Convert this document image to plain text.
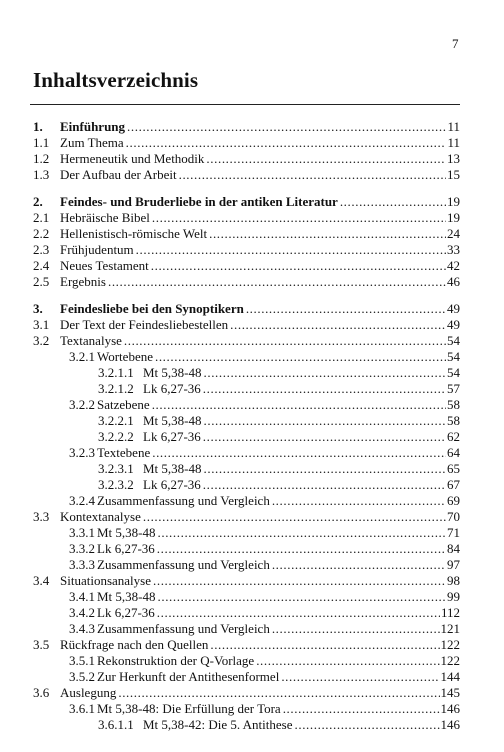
7
Inhaltsverzeichnis
1.	Einführung .....	11
1.1 Zum Thema .....	11
1.2 Hermeneutik und Methodik .....	13
1.3 Der Aufbau der Arbeit .....	15
2.	Feindes- und Bruderliebe in der antiken Literatur .....	19
2.1 Hebräische Bibel .....	19
2.2 Hellenistisch-römische Welt .....	24
2.3 Frühjudentum .....	33
2.4 Neues Testament .....	42
2.5 Ergebnis .....	46
3.	Feindesliebe bei den Synoptikern .....	49
3.1 Der Text der Feindesliebestellen .....	49
3.2 Textanalyse .....	54
3.2.1 Wortebene .....	54
3.2.1.1 Mt 5,38-48 .....	54
3.2.1.2 Lk 6,27-36 .....	57
3.2.2 Satzebene .....	58
3.2.2.1 Mt 5,38-48 .....	58
3.2.2.2 Lk 6,27-36 .....	62
3.2.3 Textebene .....	64
3.2.3.1 Mt 5,38-48 .....	65
3.2.3.2 Lk 6,27-36 .....	67
3.2.4 Zusammenfassung und Vergleich .....	69
3.3 Kontextanalyse .....	70
3.3.1 Mt 5,38-48 .....	71
3.3.2 Lk 6,27-36 .....	84
3.3.3 Zusammenfassung und Vergleich .....	97
3.4 Situationsanalyse .....	98
3.4.1 Mt 5,38-48 .....	99
3.4.2 Lk 6,27-36 .....	112
3.4.3 Zusammenfassung und Vergleich .....	121
3.5 Rückfrage nach den Quellen .....	122
3.5.1 Rekonstruktion der Q-Vorlage .....	122
3.5.2 Zur Herkunft der Antithesenformel .....	144
3.6 Auslegung .....	145
3.6.1 Mt 5,38-48: Die Erfüllung der Tora .....	146
3.6.1.1 Mt 5,38-42: Die 5. Antithese .....	146
